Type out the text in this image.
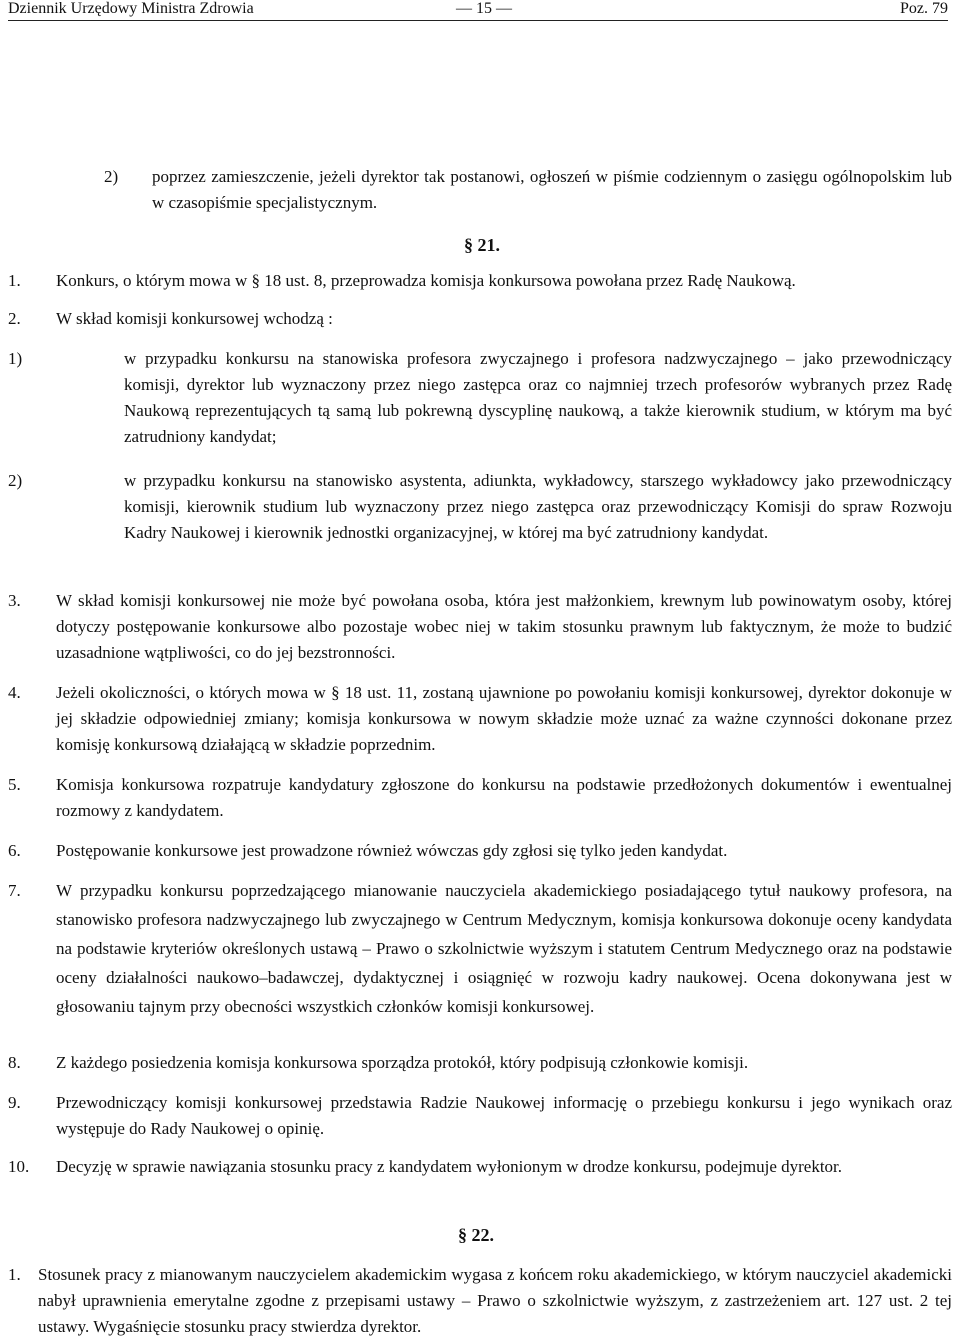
Dziennik Urzędowy Ministra Zdrowia	— 15 —	Poz. 79
2)	poprzez zamieszczenie, jeżeli dyrektor tak postanowi, ogłoszeń w piśmie codziennym o zasięgu ogólnopolskim lub w czasopiśmie specjalistycznym.
§ 21.
1.	Konkurs, o którym mowa w § 18 ust. 8, przeprowadza komisja konkursowa powołana przez Radę Naukową.
2.	W skład komisji konkursowej wchodzą :
1)	w przypadku konkursu na stanowiska profesora zwyczajnego i profesora nadzwyczajnego – jako przewodniczący komisji, dyrektor lub wyznaczony przez niego zastępca oraz co najmniej trzech profesorów wybranych przez Radę Naukową reprezentujących tą samą lub pokrewną dyscyplinę naukową, a także kierownik studium, w którym ma być zatrudniony kandydat;
2)	w przypadku konkursu na stanowisko asystenta, adiunkta, wykładowcy, starszego wykładowcy jako przewodniczący komisji, kierownik studium lub wyznaczony przez niego zastępca oraz przewodniczący Komisji do spraw Rozwoju Kadry Naukowej i kierownik jednostki organizacyjnej, w której ma być zatrudniony kandydat.
3.	W skład komisji konkursowej nie może być powołana osoba, która jest małżonkiem, krewnym lub powinowatym osoby, której dotyczy postępowanie konkursowe albo pozostaje wobec niej w takim stosunku prawnym lub faktycznym, że może to budzić uzasadnione wątpliwości, co do jej bezstronności.
4.	Jeżeli okoliczności, o których mowa w § 18 ust. 11, zostaną ujawnione po powołaniu komisji konkursowej, dyrektor dokonuje w jej składzie odpowiedniej zmiany; komisja konkursowa w nowym składzie może uznać za ważne czynności dokonane przez komisję konkursową działającą w składzie poprzednim.
5.	Komisja konkursowa rozpatruje kandydatury zgłoszone do konkursu na podstawie przedłożonych dokumentów i ewentualnej rozmowy z kandydatem.
6.	Postępowanie konkursowe jest prowadzone również wówczas gdy zgłosi się tylko jeden kandydat.
7.	W przypadku konkursu poprzedzającego mianowanie nauczyciela akademickiego posiadającego tytuł naukowy profesora, na stanowisko profesora nadzwyczajnego lub zwyczajnego w Centrum Medycznym, komisja konkursowa dokonuje oceny kandydata na podstawie kryteriów określonych ustawą – Prawo o szkolnictwie wyższym i statutem Centrum Medycznego oraz na podstawie oceny działalności naukowo–badawczej, dydaktycznej i osiągnięć w rozwoju kadry naukowej. Ocena dokonywana jest w głosowaniu tajnym przy obecności wszystkich członków komisji konkursowej.
8.	Z każdego posiedzenia komisja konkursowa sporządza protokół, który podpisują członkowie komisji.
9.	Przewodniczący komisji konkursowej przedstawia Radzie Naukowej informację o przebiegu konkursu i jego wynikach oraz występuje do Rady Naukowej o opinię.
10.	Decyzję w sprawie nawiązania stosunku pracy z kandydatem wyłonionym w drodze konkursu, podejmuje dyrektor.
§ 22.
1.	Stosunek pracy z mianowanym nauczycielem akademickim wygasa z końcem roku akademickiego, w którym nauczyciel akademicki nabył uprawnienia emerytalne zgodne z przepisami ustawy – Prawo o szkolnictwie wyższym, z zastrzeżeniem art. 127 ust. 2 tej ustawy. Wygaśnięcie stosunku pracy stwierdza dyrektor.
